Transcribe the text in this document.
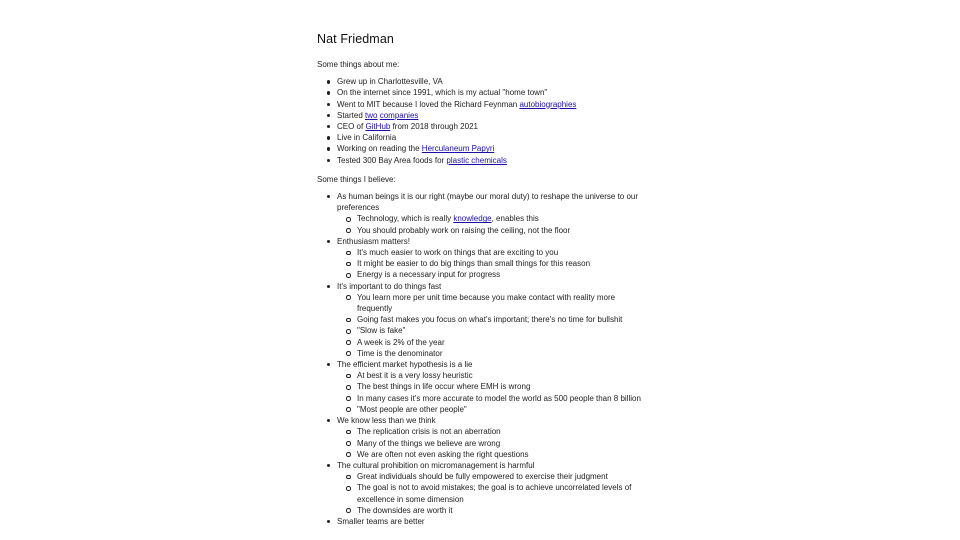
Nat Friedman

Some things about me:

Grew up in Charlottesville, VA
On the internet since 1991, which is my actual "home town"
Went to MIT because I loved the Richard Feynman autobiographies
Started two companies
CEO of GitHub from 2018 through 2021
Live in California
Working on reading the Herculaneum Papyri
Tested 300 Bay Area foods for plastic chemicals

Some things I believe:

As human beings it is our right (maybe our moral duty) to reshape the universe to our preferences
Technology, which is really knowledge, enables this
You should probably work on raising the ceiling, not the floor
Enthusiasm matters!
It's much easier to work on things that are exciting to you
It might be easier to do big things than small things for this reason
Energy is a necessary input for progress
It's important to do things fast
You learn more per unit time because you make contact with reality more frequently
Going fast makes you focus on what's important; there's no time for bullshit
"Slow is fake"
A week is 2% of the year
Time is the denominator
The efficient market hypothesis is a lie
At best it is a very lossy heuristic
The best things in life occur where EMH is wrong
In many cases it's more accurate to model the world as 500 people than 8 billion
"Most people are other people"
We know less than we think
The replication crisis is not an aberration
Many of the things we believe are wrong
We are often not even asking the right questions
The cultural prohibition on micromanagement is harmful
Great individuals should be fully empowered to exercise their judgment
The goal is not to avoid mistakes; the goal is to achieve uncorrelated levels of excellence in some dimension
The downsides are worth it
Smaller teams are better
